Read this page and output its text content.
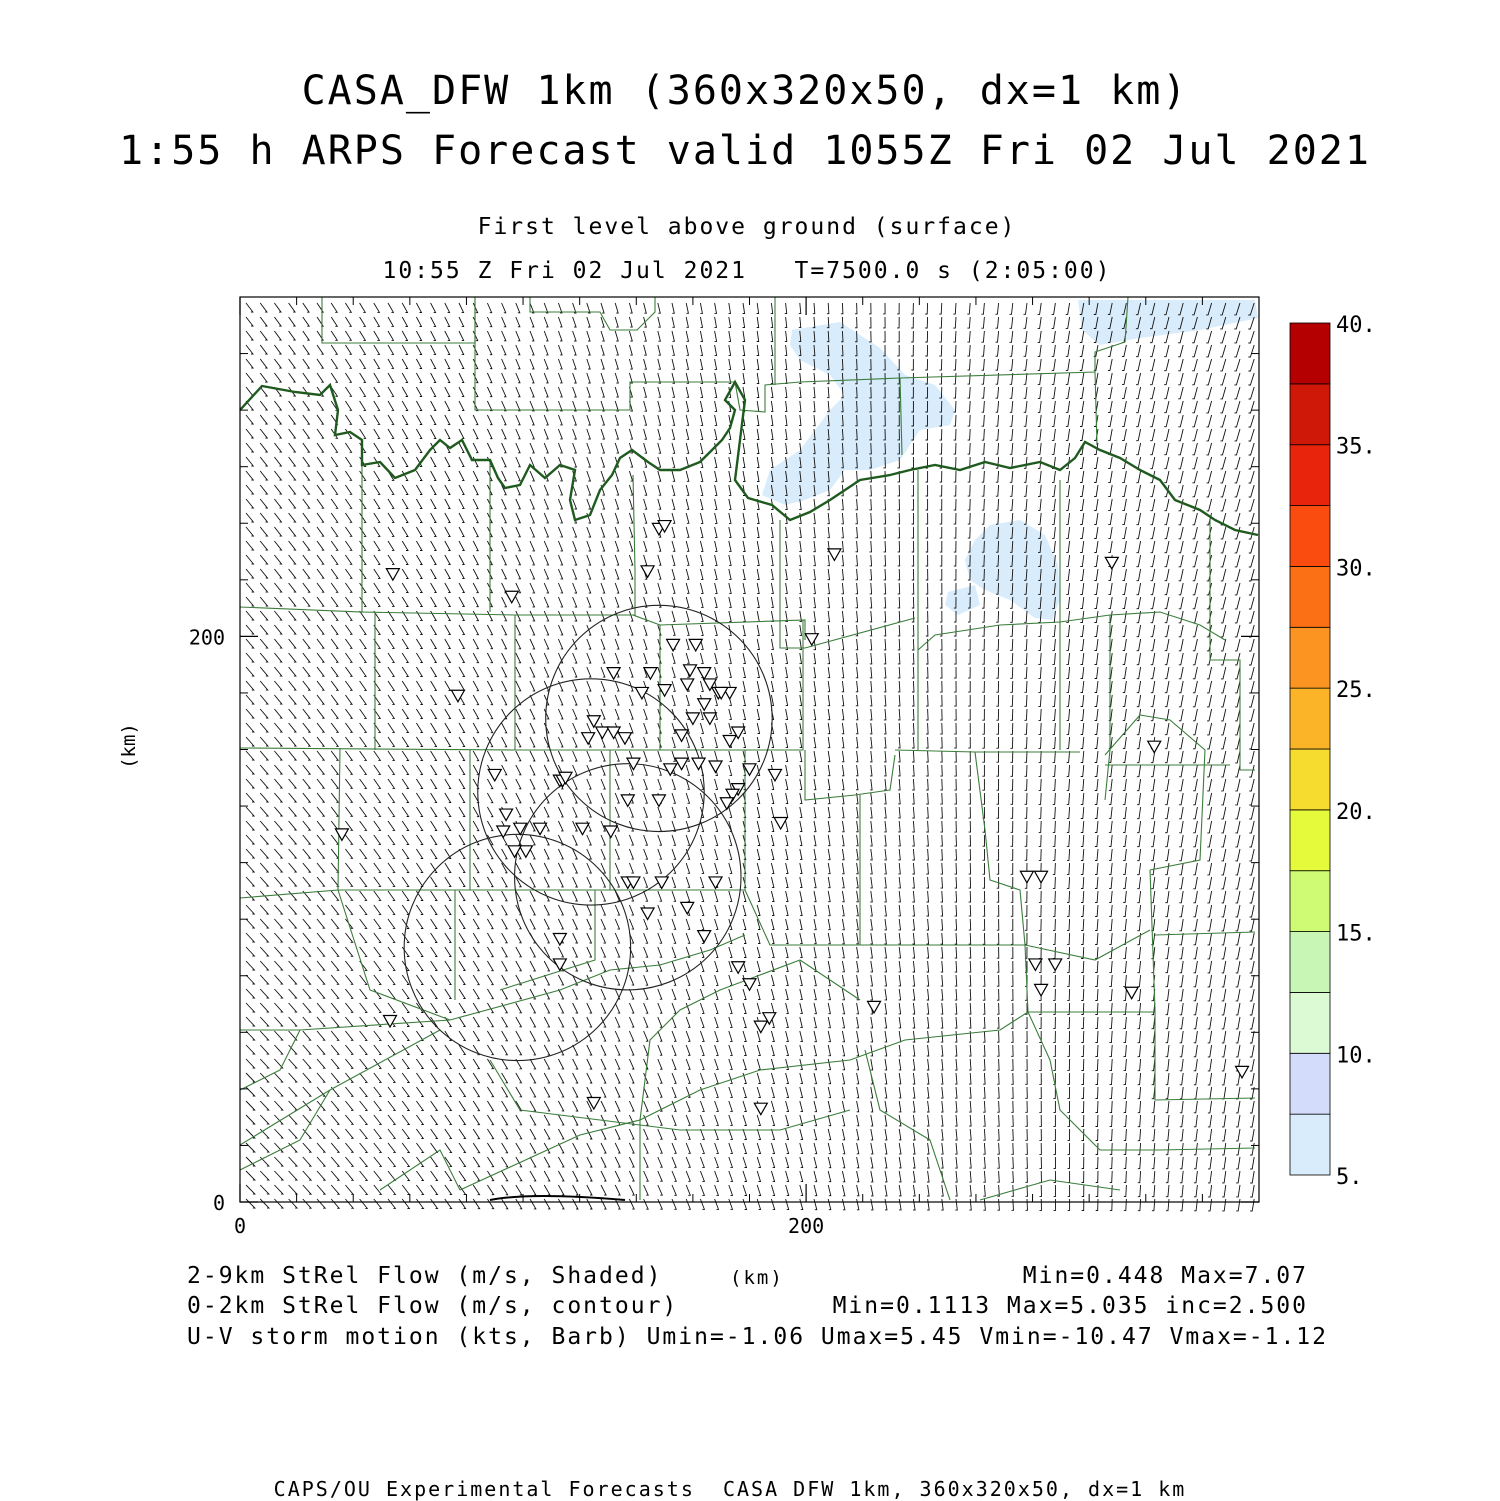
CASA_DFW 1km (360x320x50, dx=1 km)
1:55 h ARPS Forecast valid 1055Z Fri 02 Jul 2021
First level above ground (surface)
10:55 Z Fri 02 Jul 2021   T=7500.0 s (2:05:00)
0
0
200
200
(km)
5.
10.
15.
20.
25.
30.
35.
40.
2-9km StRel Flow (m/s, Shaded)	(km)	Min=0.448 Max=7.07
0-2km StRel Flow (m/s, contour)	Min=0.1113 Max=5.035 inc=2.500
U-V storm motion (kts, Barb) Umin=-1.06 Umax=5.45 Vmin=-10.47 Vmax=-1.12
CAPS/OU Experimental Forecasts  CASA DFW 1km, 360x320x50, dx=1 km
